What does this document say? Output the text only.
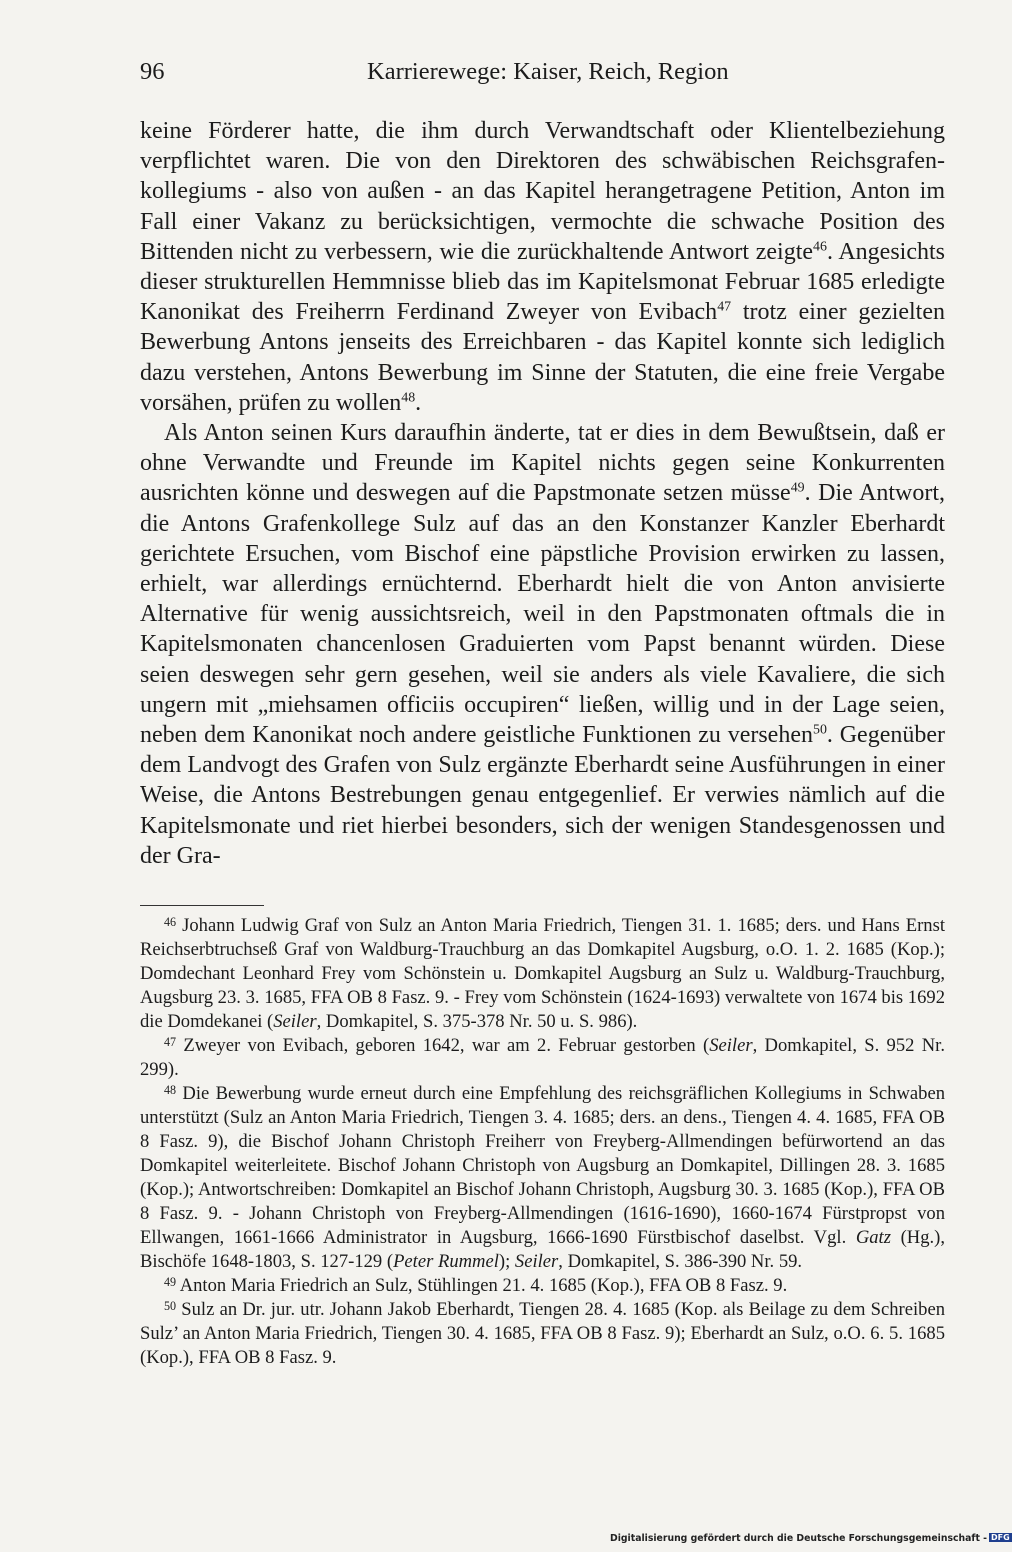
96	Karrierewege: Kaiser, Reich, Region

keine Förderer hatte, die ihm durch Verwandtschaft oder Klientelbeziehung verpflichtet waren. Die von den Direktoren des schwäbischen Reichsgrafenkollegiums - also von außen - an das Kapitel herangetragene Petition, Anton im Fall einer Vakanz zu berücksichtigen, vermochte die schwache Position des Bittenden nicht zu verbessern, wie die zurückhaltende Antwort zeigte$^{46}$. Angesichts dieser strukturellen Hemmnisse blieb das im Kapitelsmonat Februar 1685 erledigte Kanonikat des Freiherrn Ferdinand Zweyer von Evibach$^{47}$ trotz einer gezielten Bewerbung Antons jenseits des Erreichbaren - das Kapitel konnte sich lediglich dazu verstehen, Antons Bewerbung im Sinne der Statuten, die eine freie Vergabe vorsähen, prüfen zu wollen$^{48}$.

Als Anton seinen Kurs daraufhin änderte, tat er dies in dem Bewußtsein, daß er ohne Verwandte und Freunde im Kapitel nichts gegen seine Konkurrenten ausrichten könne und deswegen auf die Papstmonate setzen müsse$^{49}$. Die Antwort, die Antons Grafenkollege Sulz auf das an den Konstanzer Kanzler Eberhardt gerichtete Ersuchen, vom Bischof eine päpstliche Provision erwirken zu lassen, erhielt, war allerdings ernüchternd. Eberhardt hielt die von Anton anvisierte Alternative für wenig aussichtsreich, weil in den Papstmonaten oftmals die in Kapitelsmonaten chancenlosen Graduierten vom Papst benannt würden. Diese seien deswegen sehr gern gesehen, weil sie anders als viele Kavaliere, die sich ungern mit „miehsamen officiis occupiren“ ließen, willig und in der Lage seien, neben dem Kanonikat noch andere geistliche Funktionen zu versehen$^{50}$. Gegenüber dem Landvogt des Grafen von Sulz ergänzte Eberhardt seine Ausführungen in einer Weise, die Antons Bestrebungen genau entgegenlief. Er verwies nämlich auf die Kapitelsmonate und riet hierbei besonders, sich der wenigen Standesgenossen und der Gra-

$^{46}$ Johann Ludwig Graf von Sulz an Anton Maria Friedrich, Tiengen 31. 1. 1685; ders. und Hans Ernst Reichserbtruchseß Graf von Waldburg-Trauchburg an das Domkapitel Augsburg, o.O. 1. 2. 1685 (Kop.); Domdechant Leonhard Frey vom Schönstein u. Domkapitel Augsburg an Sulz u. Waldburg-Trauchburg, Augsburg 23. 3. 1685, FFA OB 8 Fasz. 9. - Frey vom Schönstein (1624-1693) verwaltete von 1674 bis 1692 die Domdekanei (Seiler, Domkapitel, S. 375-378 Nr. 50 u. S. 986).

$^{47}$ Zweyer von Evibach, geboren 1642, war am 2. Februar gestorben (Seiler, Domkapitel, S. 952 Nr. 299).

$^{48}$ Die Bewerbung wurde erneut durch eine Empfehlung des reichsgräflichen Kollegiums in Schwaben unterstützt (Sulz an Anton Maria Friedrich, Tiengen 3. 4. 1685; ders. an dens., Tiengen 4. 4. 1685, FFA OB 8 Fasz. 9), die Bischof Johann Christoph Freiherr von Freyberg-Allmendingen befürwortend an das Domkapitel weiterleitete. Bischof Johann Christoph von Augsburg an Domkapitel, Dillingen 28. 3. 1685 (Kop.); Antwortschreiben: Domkapitel an Bischof Johann Christoph, Augsburg 30. 3. 1685 (Kop.), FFA OB 8 Fasz. 9. - Johann Christoph von Freyberg-Allmendingen (1616-1690), 1660-1674 Fürstpropst von Ellwangen, 1661-1666 Administrator in Augsburg, 1666-1690 Fürstbischof daselbst. Vgl. Gatz (Hg.), Bischöfe 1648-1803, S. 127-129 (Peter Rummel); Seiler, Domkapitel, S. 386-390 Nr. 59.

$^{49}$ Anton Maria Friedrich an Sulz, Stühlingen 21. 4. 1685 (Kop.), FFA OB 8 Fasz. 9.

$^{50}$ Sulz an Dr. jur. utr. Johann Jakob Eberhardt, Tiengen 28. 4. 1685 (Kop. als Beilage zu dem Schreiben Sulz’ an Anton Maria Friedrich, Tiengen 30. 4. 1685, FFA OB 8 Fasz. 9); Eberhardt an Sulz, o.O. 6. 5. 1685 (Kop.), FFA OB 8 Fasz. 9.

Digitalisierung gefördert durch die Deutsche Forschungsgemeinschaft - DFG
